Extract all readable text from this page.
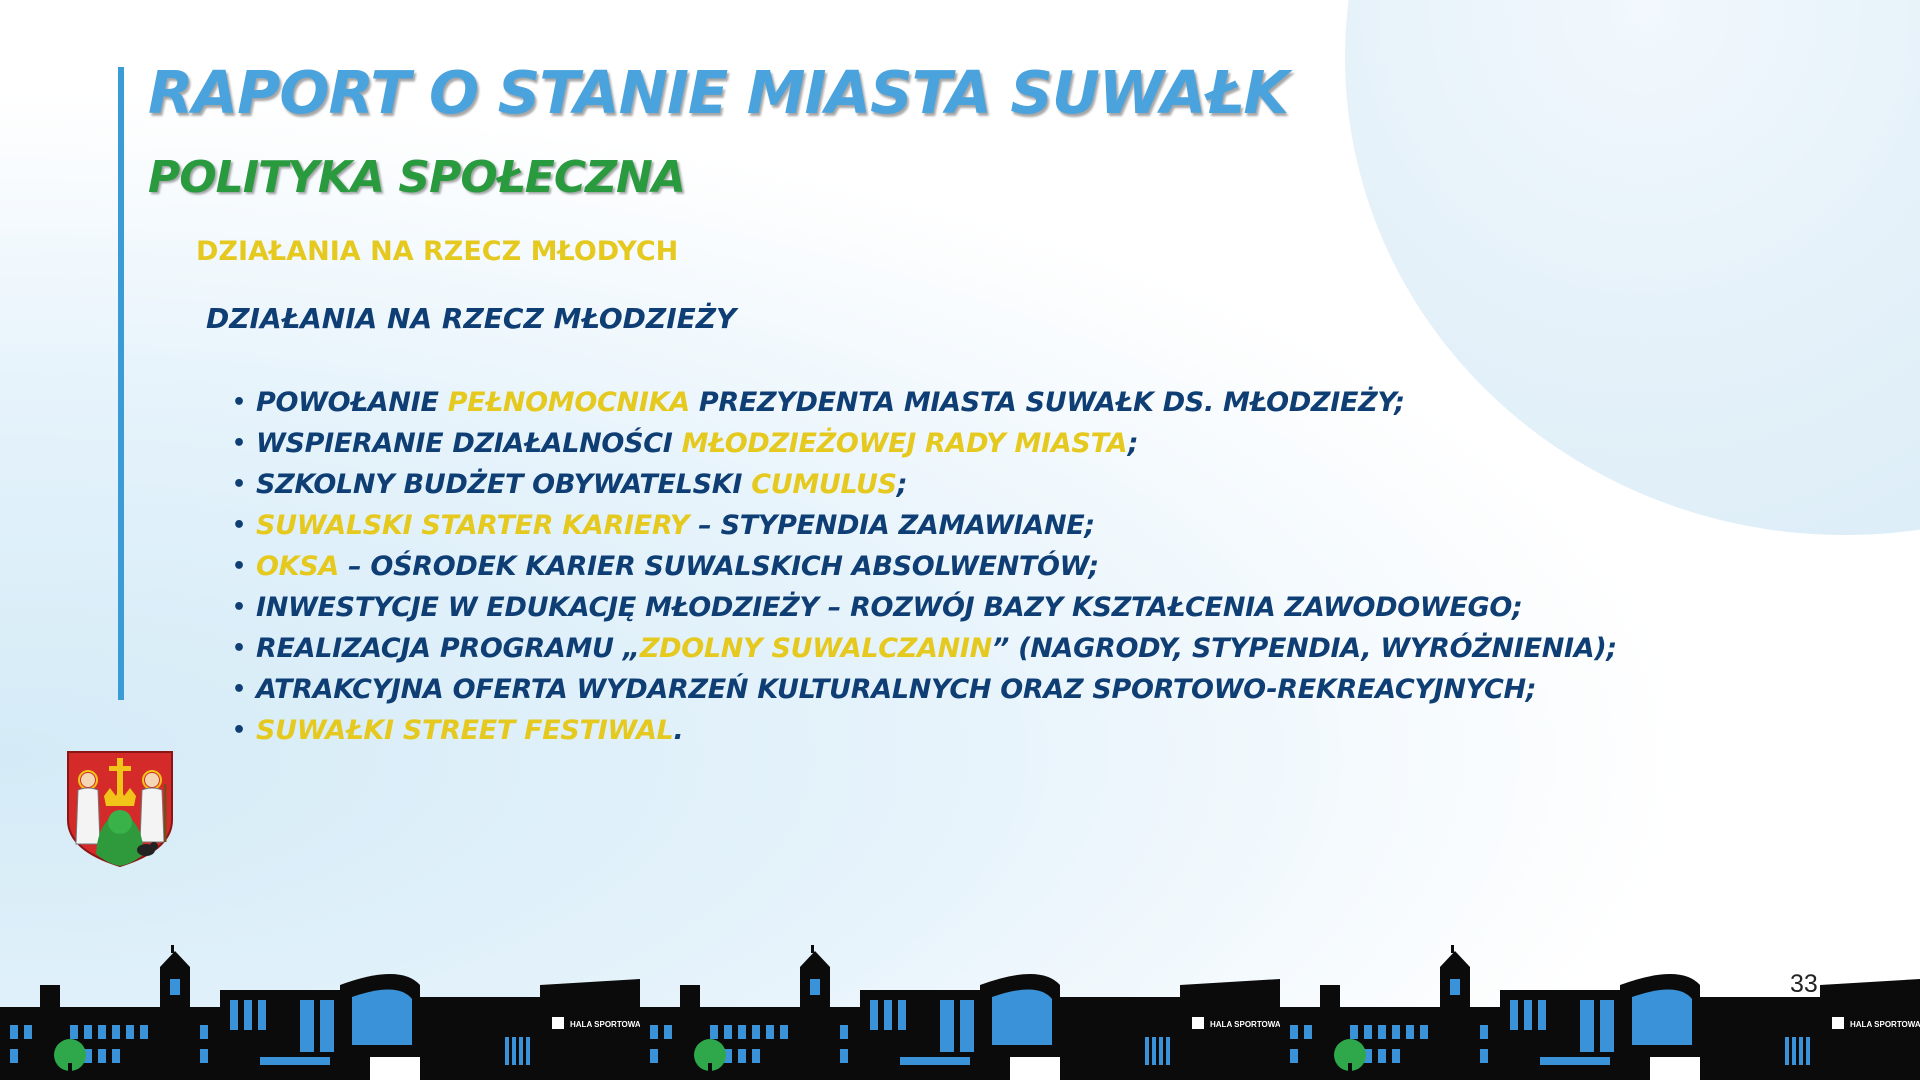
RAPORT O STANIE MIASTA SUWAŁK
POLITYKA SPOŁECZNA
DZIAŁANIA NA RZECZ MŁODYCH
DZIAŁANIA NA RZECZ MŁODZIEŻY
• POWOŁANIE PEŁNOMOCNIKA PREZYDENTA MIASTA SUWAŁK DS. MŁODZIEŻY;
• WSPIERANIE DZIAŁALNOŚCI MŁODZIEŻOWEJ RADY MIASTA;
• SZKOLNY BUDŻET OBYWATELSKI CUMULUS;
• SUWALSKI STARTER KARIERY – STYPENDIA ZAMAWIANE;
• OKSA – OŚRODEK KARIER SUWALSKICH ABSOLWENTÓW;
• INWESTYCJE W EDUKACJĘ MŁODZIEŻY – ROZWÓJ BAZY KSZTAŁCENIA ZAWODOWEGO;
• REALIZACJA PROGRAMU „ZDOLNY SUWALCZANIN” (NAGRODY, STYPENDIA, WYRÓŻNIENIA);
• ATRAKCYJNA OFERTA WYDARZEŃ KULTURALNYCH ORAZ SPORTOWO-REKREACYJNYCH;
• SUWAŁKI STREET FESTIWAL.
33
